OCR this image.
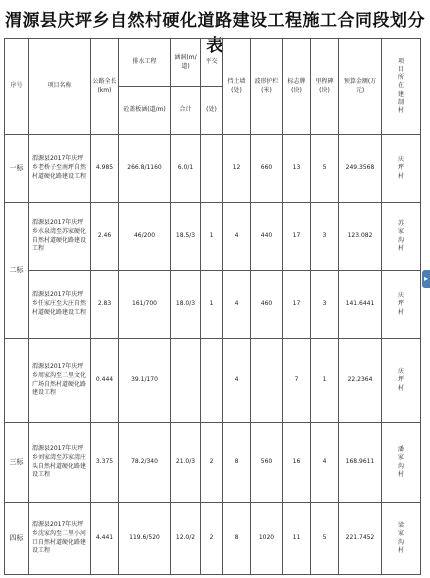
渭源县庆坪乡自然村硬化道路建设工程施工合同段划分表
序号	项目名称	公路全长(km)	排水工程	涵洞(m/道)	平交	挡土墙(处)	波形护栏(米)	标志牌(块)	里程碑(块)	预算金额(万元)	项目所在建制村

			砼盖板涵(道/m)	合计	(处)						
一标	渭源县2017年庆坪乡老桥子至南坪自然村道硬化路建设工程	4.985	266.8/1160	6.0/1		12	660	13	5	249.3568	庆坪村

二标	渭源县2017年庆坪乡水泉湾至苏家硬化自然村道硬化路建设工程	2.46	46/200	18.5/3	1	4	440	17	3	123.082	苏家沟村

	渭源县2017年庆坪乡任家庄至大庄自然村道硬化路建设工程	2.83	161/700	18.0/3	1	4	460	17	3	141.6441	庆坪村

	渭源县2017年庆坪乡周家沟至二里文化广场自然村道硬化路建设工程	0.444	39.1/170			4		7	1	22.2364	庆坪村

三标	渭源县2017年庆坪乡刘家湾至苏家湾庄头自然村道硬化路建设工程	3.375	78.2/340	21.0/3	2	8	560	16	4	168.9611	潘家沟村

四标	渭源县2017年庆坪乡沈家沟至二里小河口自然村道硬化路建设工程	4.441	119.6/520	12.0/2	2	8	1020	11	5	221.7452	梁家沟村
▸
